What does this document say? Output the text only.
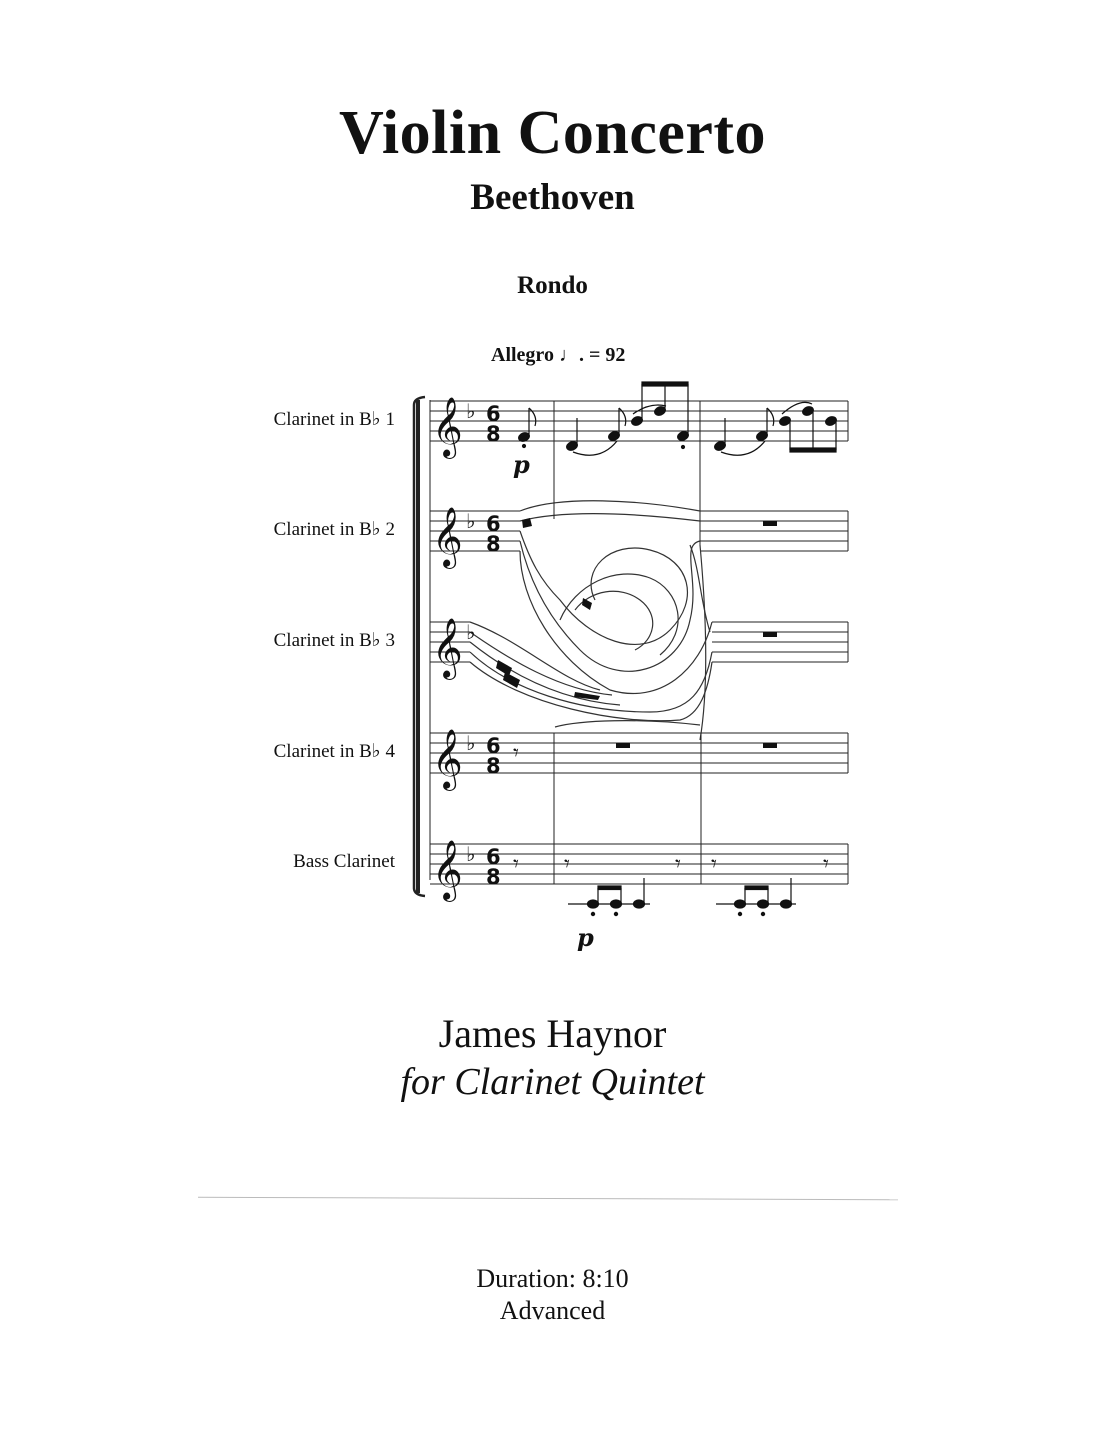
Violin Concerto
Beethoven
Rondo
Allegro ♩. = 92
Clarinet in B♭ 1
Clarinet in B♭ 2
Clarinet in B♭ 3
Clarinet in B♭ 4
Bass Clarinet
𝄞
𝄞
𝄞
𝄞
𝄞
♭
♭
♭
♭
♭
6
8
6
8
6
8
6
8
𝄾
𝄾 𝄾	𝄾 𝄾	𝄾
p
p
James Haynor
for Clarinet Quintet
Duration: 8:10
Advanced
